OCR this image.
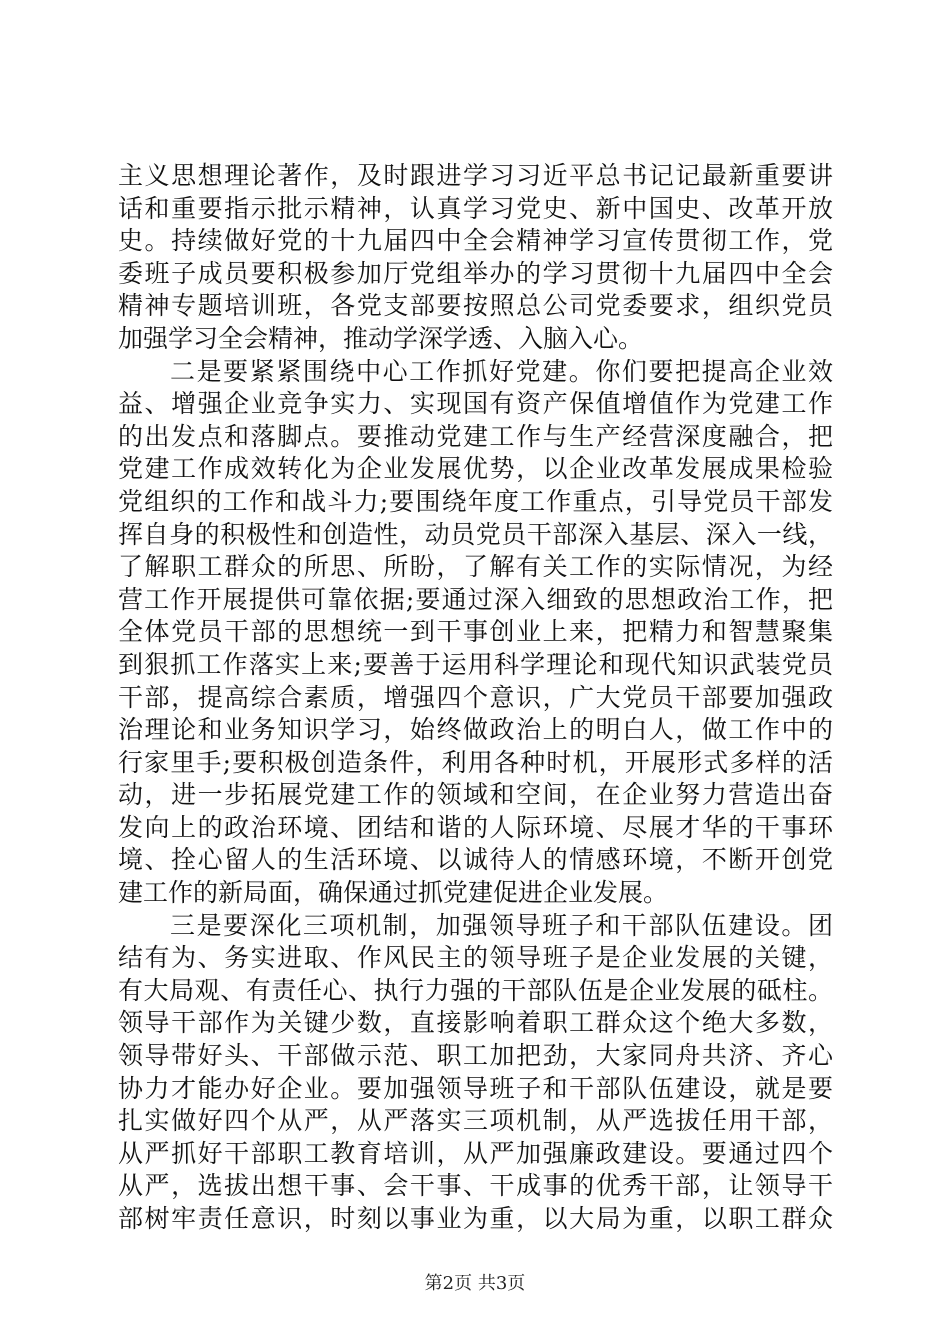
主义思想理论著作，及时跟进学习习近平总书记记最新重要讲
话和重要指示批示精神，认真学习党史、新中国史、改革开放
史。持续做好党的十九届四中全会精神学习宣传贯彻工作，党
委班子成员要积极参加厅党组举办的学习贯彻十九届四中全会
精神专题培训班，各党支部要按照总公司党委要求，组织党员
加强学习全会精神，推动学深学透、入脑入心。
二是要紧紧围绕中心工作抓好党建。你们要把提高企业效
益、增强企业竞争实力、实现国有资产保值增值作为党建工作
的出发点和落脚点。要推动党建工作与生产经营深度融合，把
党建工作成效转化为企业发展优势，以企业改革发展成果检验
党组织的工作和战斗力;要围绕年度工作重点，引导党员干部发
挥自身的积极性和创造性，动员党员干部深入基层、深入一线，
了解职工群众的所思、所盼，了解有关工作的实际情况，为经
营工作开展提供可靠依据;要通过深入细致的思想政治工作，把
全体党员干部的思想统一到干事创业上来，把精力和智慧聚集
到狠抓工作落实上来;要善于运用科学理论和现代知识武装党员
干部，提高综合素质，增强四个意识，广大党员干部要加强政
治理论和业务知识学习，始终做政治上的明白人，做工作中的
行家里手;要积极创造条件，利用各种时机，开展形式多样的活
动，进一步拓展党建工作的领域和空间，在企业努力营造出奋
发向上的政治环境、团结和谐的人际环境、尽展才华的干事环
境、拴心留人的生活环境、以诚待人的情感环境，不断开创党
建工作的新局面，确保通过抓党建促进企业发展。
三是要深化三项机制，加强领导班子和干部队伍建设。团
结有为、务实进取、作风民主的领导班子是企业发展的关键，
有大局观、有责任心、执行力强的干部队伍是企业发展的砥柱。
领导干部作为关键少数，直接影响着职工群众这个绝大多数，
领导带好头、干部做示范、职工加把劲，大家同舟共济、齐心
协力才能办好企业。要加强领导班子和干部队伍建设，就是要
扎实做好四个从严，从严落实三项机制，从严选拔任用干部，
从严抓好干部职工教育培训，从严加强廉政建设。要通过四个
从严，选拔出想干事、会干事、干成事的优秀干部，让领导干
部树牢责任意识，时刻以事业为重，以大局为重，以职工群众
第2页 共3页
